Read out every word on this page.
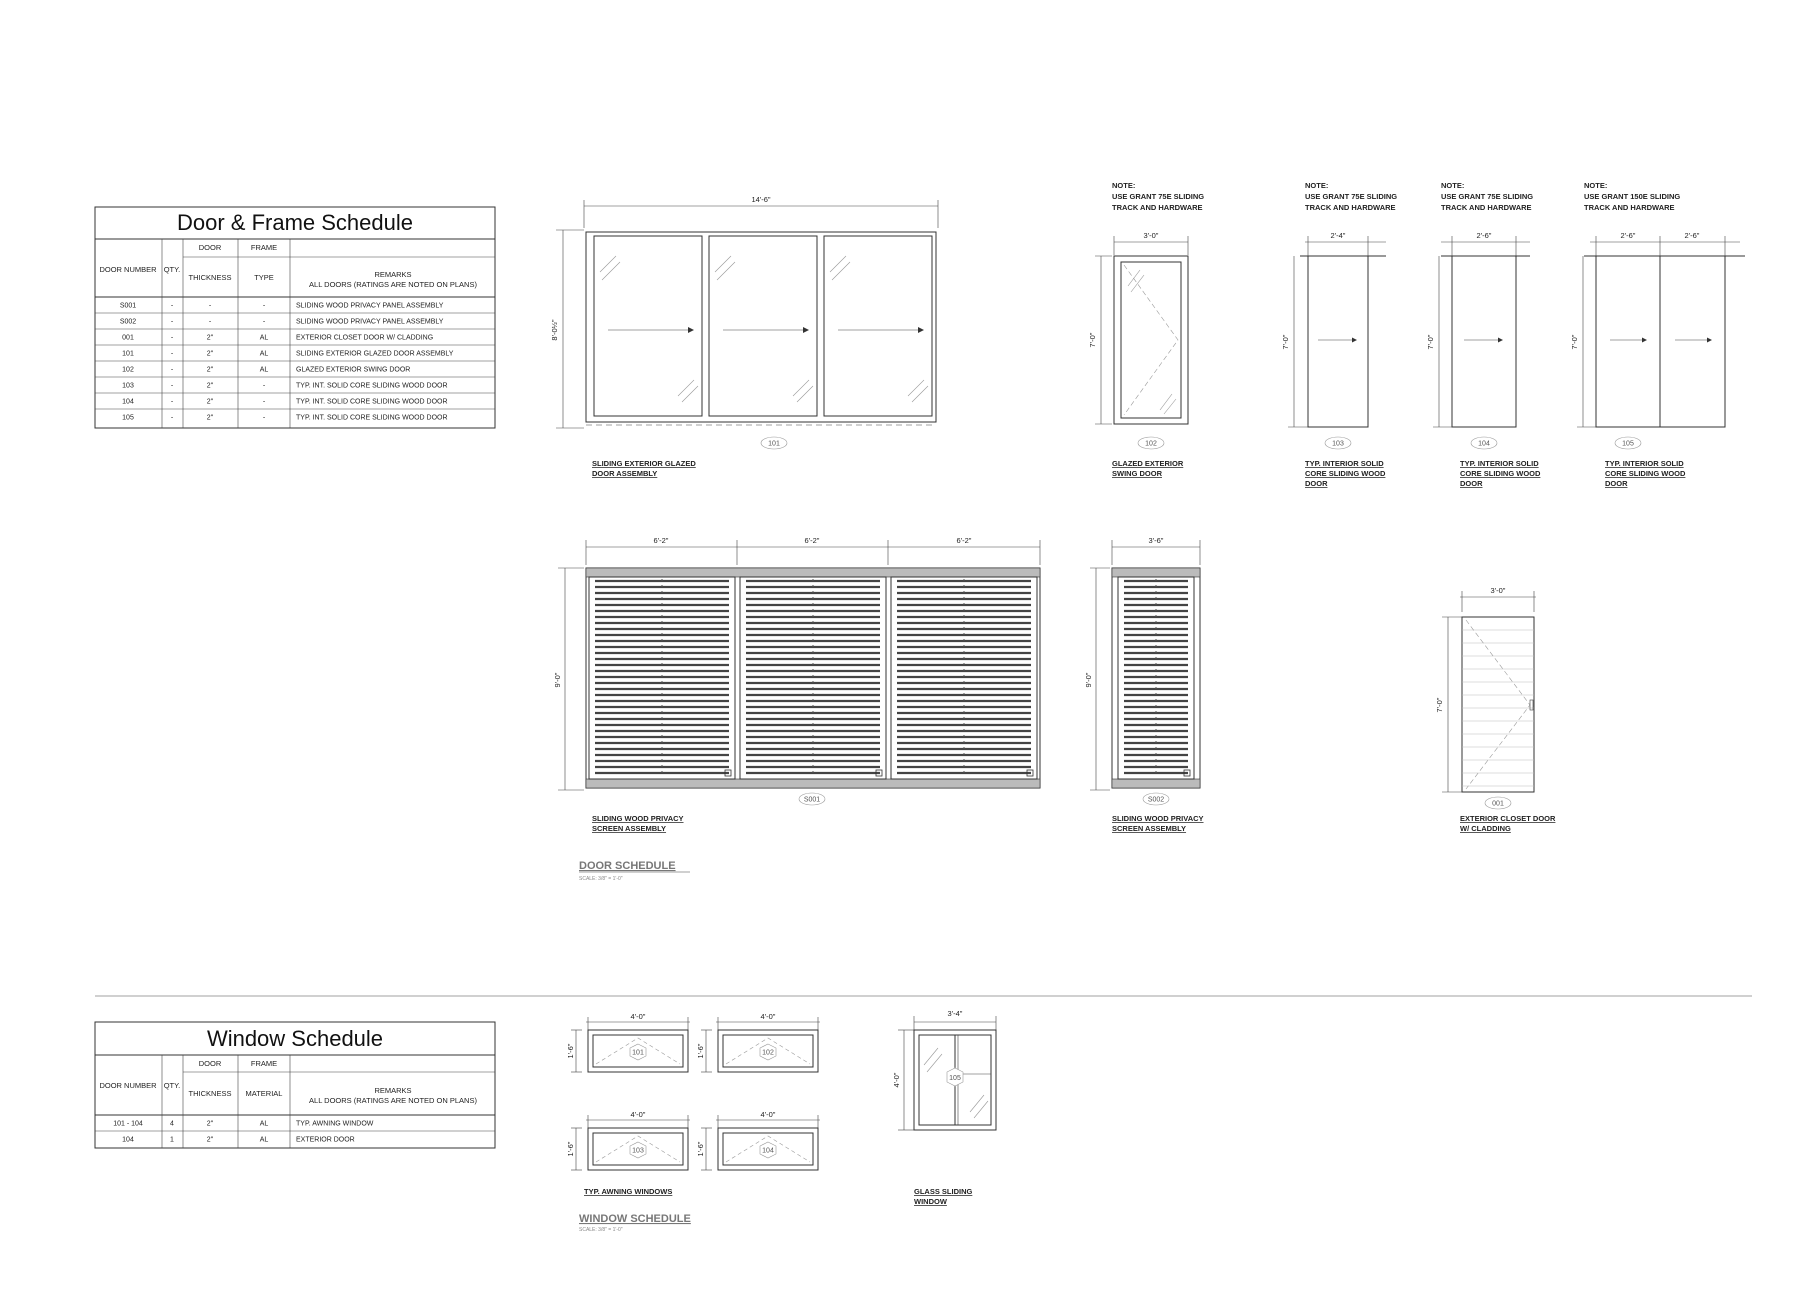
Door & Frame Schedule
DOOR	FRAME
DOOR NUMBER QTY.
THICKNESS	TYPE	REMARKS
ALL DOORS (RATINGS ARE NOTED ON PLANS)
S001	-	-	-	SLIDING WOOD PRIVACY PANEL ASSEMBLY
S002	-	-	-	SLIDING WOOD PRIVACY PANEL ASSEMBLY
001	-	2"	AL	EXTERIOR CLOSET DOOR W/ CLADDING
101	-	2"	AL	SLIDING EXTERIOR GLAZED DOOR ASSEMBLY
102	-	2"	AL	GLAZED EXTERIOR SWING DOOR
103	-	2"	-	TYP. INT. SOLID CORE SLIDING WOOD DOOR
104	-	2"	-	TYP. INT. SOLID CORE SLIDING WOOD DOOR
105	-	2"	-	TYP. INT. SOLID CORE SLIDING WOOD DOOR
14'-6"
8'-0½"
101
SLIDING EXTERIOR GLAZED
DOOR ASSEMBLY
NOTE:
USE GRANT 75E SLIDING
TRACK AND HARDWARE
3'-0"
7'-0"
102
GLAZED EXTERIOR
SWING DOOR
NOTE:
USE GRANT 75E SLIDING
TRACK AND HARDWARE
2'-4"
7'-0"
103
TYP. INTERIOR SOLID
CORE SLIDING WOOD
DOOR
NOTE:
USE GRANT 75E SLIDING
TRACK AND HARDWARE
2'-6"
7'-0"
104
TYP. INTERIOR SOLID
CORE SLIDING WOOD
DOOR
NOTE:
USE GRANT 150E SLIDING
TRACK AND HARDWARE
2'-6"	2'-6"
7'-0"
105
TYP. INTERIOR SOLID
CORE SLIDING WOOD
DOOR
6'-2"	6'-2"	6'-2"
9'-0"
S001
SLIDING WOOD PRIVACY
SCREEN ASSEMBLY
3'-6"
9'-0"
S002
SLIDING WOOD PRIVACY
SCREEN ASSEMBLY
3'-0"
7'-0"
001
EXTERIOR CLOSET DOOR
W/ CLADDING
DOOR SCHEDULE
SCALE: 3/8" = 1'-0"
Window Schedule
DOOR	FRAME
DOOR NUMBER QTY.
THICKNESS MATERIAL	REMARKS
ALL DOORS (RATINGS ARE NOTED ON PLANS)
101 - 104	4	2"	AL	TYP. AWNING WINDOW
104	1	2"	AL	EXTERIOR DOOR
4'-0"
1'-6"	101
4'-0"
1'-6"	102
4'-0"
1'-6"	103
4'-0"
1'-6"	104
TYP. AWNING WINDOWS
3'-4"
4'-0"	105
GLASS SLIDING
WINDOW
WINDOW SCHEDULE
SCALE: 3/8" = 1'-0"
